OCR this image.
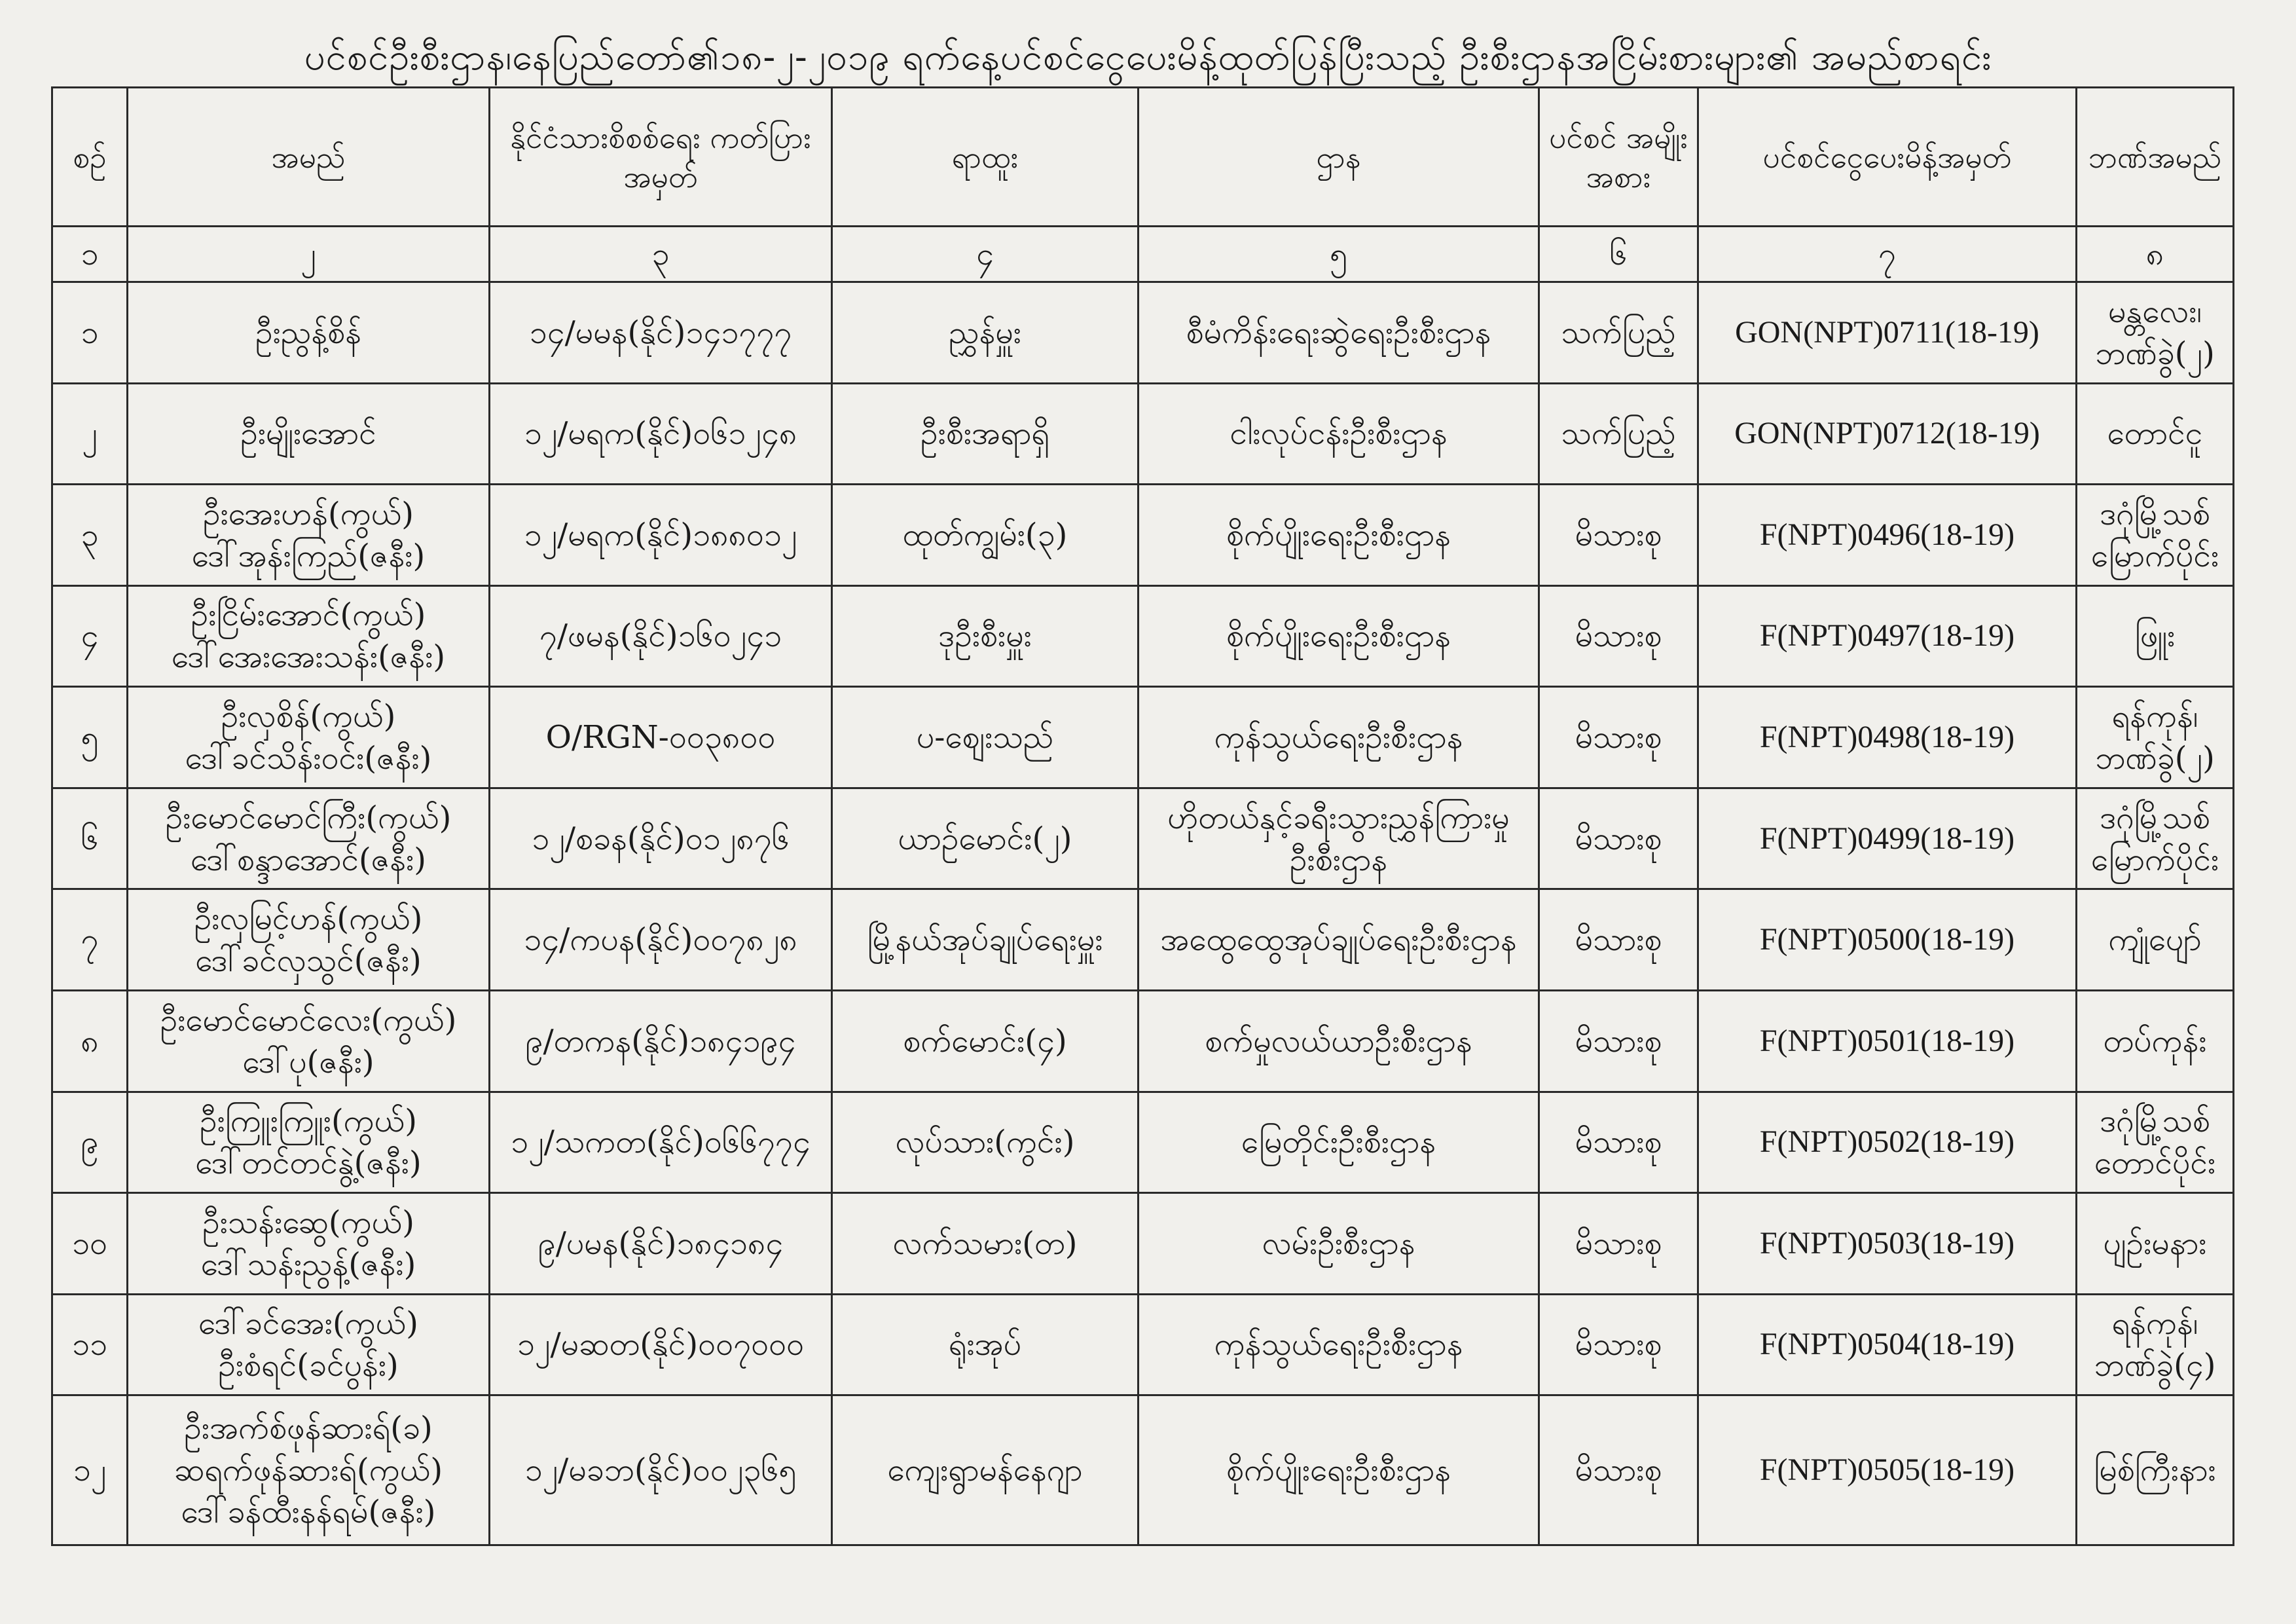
ပင်စင်ဦးစီးဌာန၊နေပြည်တော်၏၁၈-၂-၂၀၁၉ ရက်နေ့ပင်စင်ငွေပေးမိန့်ထုတ်ပြန်ပြီးသည့် ဦးစီးဌာနအငြိမ်းစားများ၏ အမည်စာရင်း
စဉ်	အမည်	နိုင်ငံသားစိစစ်ရေး ကတ်ပြားအမှတ်	ရာထူး	ဌာန	ပင်စင် အမျိုး အစား	ပင်စင်ငွေပေးမိန့်အမှတ်	ဘဏ်အမည်
၁	၂	၃	၄	၅	၆	၇	၈
၁	ဦးညွန့်စိန်	၁၄/မမန(နိုင်)၁၄၁၇၇၇	ညွှန်မှူး	စီမံကိန်းရေးဆွဲရေးဦးစီးဌာန	သက်ပြည့်	GON(NPT)0711(18-19)	မန္တလေး၊
ဘဏ်ခွဲ(၂)

၂	ဦးမျိုးအောင်	၁၂/မရက(နိုင်)၀၆၁၂၄၈	ဦးစီးအရာရှိ	ငါးလုပ်ငန်းဦးစီးဌာန	သက်ပြည့်	GON(NPT)0712(18-19)	တောင်ငူ

၃	ဦးအေးဟန်(ကွယ်)
ဒေါ်အုန်းကြည်(ဇနီး)	၁၂/မရက(နိုင်)၁၈၈၀၁၂	ထုတ်ကျွမ်း(၃)	စိုက်ပျိုးရေးဦးစီးဌာန	မိသားစု	F(NPT)0496(18-19)	ဒဂုံမြို့သစ်
မြောက်ပိုင်း

၄	ဦးငြိမ်းအောင်(ကွယ်)
ဒေါ်အေးအေးသန်း(ဇနီး)	၇/ဖမန(နိုင်)၁၆၀၂၄၁	ဒုဦးစီးမှူး	စိုက်ပျိုးရေးဦးစီးဌာန	မိသားစု	F(NPT)0497(18-19)	ဖြူး

၅	ဦးလှစိန်(ကွယ်)
ဒေါ်ခင်သိန်းဝင်း(ဇနီး)	O/RGN-၀၀၃၈၀၀	ပ-စျေးသည်	ကုန်သွယ်ရေးဦးစီးဌာန	မိသားစု	F(NPT)0498(18-19)	ရန်ကုန်၊
ဘဏ်ခွဲ(၂)

၆	ဦးမောင်မောင်ကြီး(ကွယ်)
ဒေါ်စန္ဒာအောင်(ဇနီး)	၁၂/စခန(နိုင်)၀၁၂၈၇၆	ယာဉ်မောင်း(၂)	ဟိုတယ်နှင့်ခရီးသွားညွှန်ကြားမှု
ဦးစီးဌာန	မိသားစု	F(NPT)0499(18-19)	ဒဂုံမြို့သစ်
မြောက်ပိုင်း

၇	ဦးလှမြင့်ဟန်(ကွယ်)
ဒေါ်ခင်လှသွင်(ဇနီး)	၁၄/ကပန(နိုင်)၀၀၇၈၂၈	မြို့နယ်အုပ်ချုပ်ရေးမှူး	အထွေထွေအုပ်ချုပ်ရေးဦးစီးဌာန	မိသားစု	F(NPT)0500(18-19)	ကျုံပျော်

၈	ဦးမောင်မောင်လေး(ကွယ်)
ဒေါ်ပု(ဇနီး)	၉/တကန(နိုင်)၁၈၄၁၉၄	စက်မောင်း(၄)	စက်မှုလယ်ယာဦးစီးဌာန	မိသားစု	F(NPT)0501(18-19)	တပ်ကုန်း

၉	ဦးကြူးကြူး(ကွယ်)
ဒေါ်တင်တင်နွဲ့(ဇနီး)	၁၂/သကတ(နိုင်)၀၆၆၇၇၄	လုပ်သား(ကွင်း)	မြေတိုင်းဦးစီးဌာန	မိသားစု	F(NPT)0502(18-19)	ဒဂုံမြို့သစ်
တောင်ပိုင်း

၁၀	ဦးသန်းဆွေ(ကွယ်)
ဒေါ်သန်းညွန့်(ဇနီး)	၉/ပမန(နိုင်)၁၈၄၁၈၄	လက်သမား(တ)	လမ်းဦးစီးဌာန	မိသားစု	F(NPT)0503(18-19)	ပျဉ်းမနား

၁၁	ဒေါ်ခင်အေး(ကွယ်)
ဦးစံရင်(ခင်ပွန်း)	၁၂/မဆတ(နိုင်)၀၀၇၀၀၀	ရုံးအုပ်	ကုန်သွယ်ရေးဦးစီးဌာန	မိသားစု	F(NPT)0504(18-19)	ရန်ကုန်၊
ဘဏ်ခွဲ(၄)

၁၂	ဦးအက်စ်ဖုန်ဆားရ်(ခ)
ဆရက်ဖုန်ဆားရ်(ကွယ်)
ဒေါ်ခန်ထီးနန်ရမ်(ဇနီး)	၁၂/မခဘ(နိုင်)၀၀၂၃၆၅	ကျေးရွာမန်နေဂျာ	စိုက်ပျိုးရေးဦးစီးဌာန	မိသားစု	F(NPT)0505(18-19)	မြစ်ကြီးနား
